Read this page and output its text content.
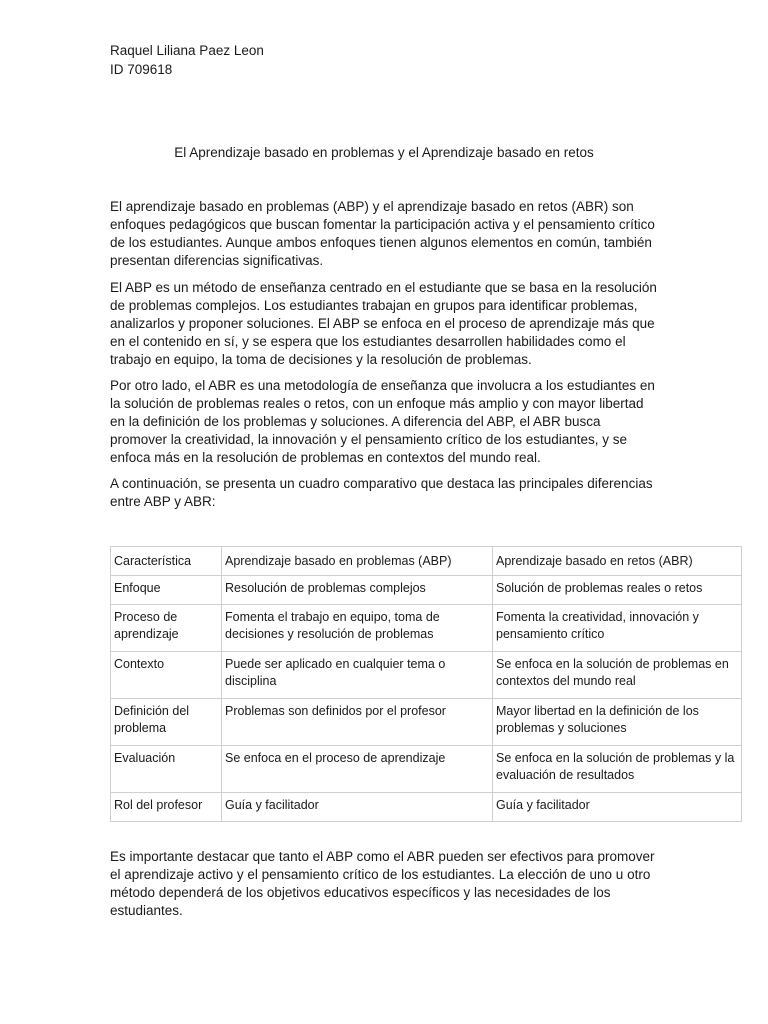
Raquel Liliana Paez Leon
ID 709618
El Aprendizaje basado en problemas y el Aprendizaje basado en retos

El aprendizaje basado en problemas (ABP) y el aprendizaje basado en retos (ABR) son enfoques pedagógicos que buscan fomentar la participación activa y el pensamiento crítico de los estudiantes. Aunque ambos enfoques tienen algunos elementos en común, también presentan diferencias significativas.

El ABP es un método de enseñanza centrado en el estudiante que se basa en la resolución de problemas complejos. Los estudiantes trabajan en grupos para identificar problemas, analizarlos y proponer soluciones. El ABP se enfoca en el proceso de aprendizaje más que en el contenido en sí, y se espera que los estudiantes desarrollen habilidades como el trabajo en equipo, la toma de decisiones y la resolución de problemas.

Por otro lado, el ABR es una metodología de enseñanza que involucra a los estudiantes en la solución de problemas reales o retos, con un enfoque más amplio y con mayor libertad en la definición de los problemas y soluciones. A diferencia del ABP, el ABR busca promover la creatividad, la innovación y el pensamiento crítico de los estudiantes, y se enfoca más en la resolución de problemas en contextos del mundo real.

A continuación, se presenta un cuadro comparativo que destaca las principales diferencias entre ABP y ABR:

Característica	Aprendizaje basado en problemas (ABP)	Aprendizaje basado en retos (ABR)
Enfoque	Resolución de problemas complejos	Solución de problemas reales o retos
Proceso de aprendizaje	Fomenta el trabajo en equipo, toma de decisiones y resolución de problemas	Fomenta la creatividad, innovación y pensamiento crítico
Contexto	Puede ser aplicado en cualquier tema o disciplina	Se enfoca en la solución de problemas en contextos del mundo real
Definición del problema	Problemas son definidos por el profesor	Mayor libertad en la definición de los problemas y soluciones
Evaluación	Se enfoca en el proceso de aprendizaje	Se enfoca en la solución de problemas y la evaluación de resultados
Rol del profesor	Guía y facilitador	Guía y facilitador

Es importante destacar que tanto el ABP como el ABR pueden ser efectivos para promover el aprendizaje activo y el pensamiento crítico de los estudiantes. La elección de uno u otro método dependerá de los objetivos educativos específicos y las necesidades de los estudiantes.
